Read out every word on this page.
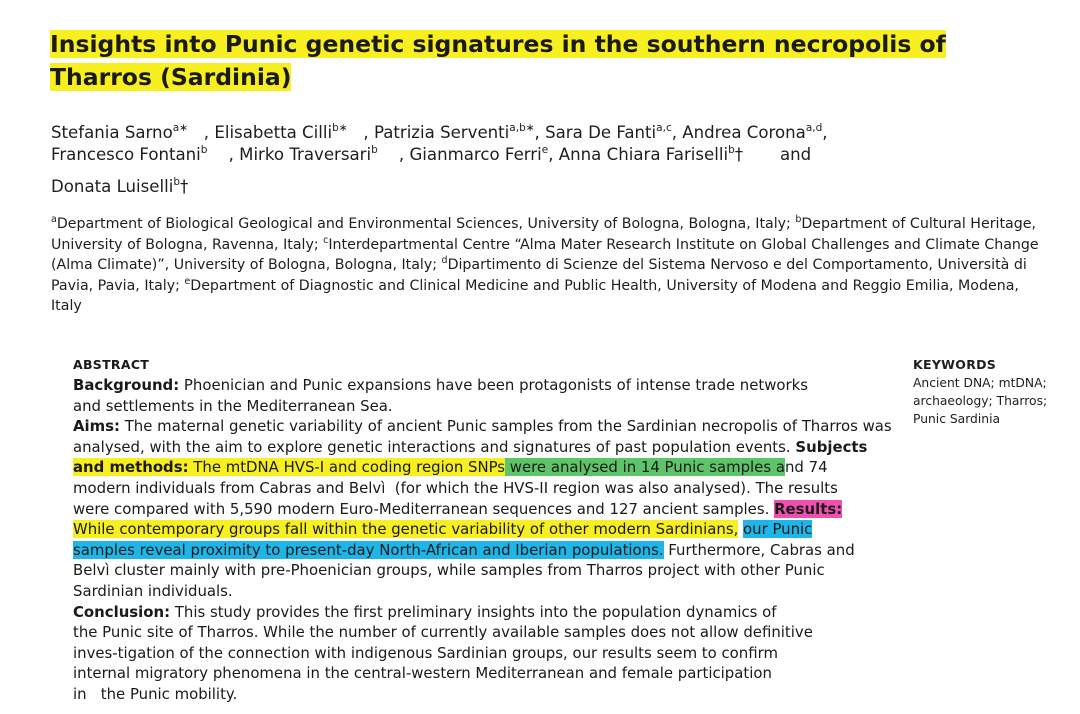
Insights into Punic genetic signatures in the southern necropolis of
Tharros (Sardinia)
Stefania Sarno$^{a∗}$   , Elisabetta Cilli$^{b∗}$   , Patrizia Serventi$^{a,b∗}$, Sara De Fanti$^{a,c}$, Andrea Corona$^{a,d}$,
Francesco Fontani$^b$    , Mirko Traversari$^b$    , Gianmarco Ferri$^e$, Anna Chiara Fariselli$^b$†       and
Donata Luiselli$^b$†
$^a$Department of Biological Geological and Environmental Sciences, University of Bologna, Bologna, Italy; $^b$Department of Cultural Heritage,
University of Bologna, Ravenna, Italy; $^c$Interdepartmental Centre “Alma Mater Research Institute on Global Challenges and Climate Change
(Alma Climate)”, University of Bologna, Bologna, Italy; $^d$Dipartimento di Scienze del Sistema Nervoso e del Comportamento, Università di
Pavia, Pavia, Italy; $^e$Department of Diagnostic and Clinical Medicine and Public Health, University of Modena and Reggio Emilia, Modena,
Italy
ABSTRACT
Background: Phoenician and Punic expansions have been protagonists of intense trade networks
and settlements in the Mediterranean Sea.
Aims: The maternal genetic variability of ancient Punic samples from the Sardinian necropolis of Tharros was
analysed, with the aim to explore genetic interactions and signatures of past population events. Subjects
and methods: The mtDNA HVS-I and coding region SNPs were analysed in 14 Punic samples and 74
modern individuals from Cabras and Belvì  (for which the HVS-II region was also analysed). The results
were compared with 5,590 modern Euro-Mediterranean sequences and 127 ancient samples. Results:
While contemporary groups fall within the genetic variability of other modern Sardinians, our Punic
samples reveal proximity to present-day North-African and Iberian populations. Furthermore, Cabras and
Belvì cluster mainly with pre-Phoenician groups, while samples from Tharros project with other Punic
Sardinian individuals.
Conclusion: This study provides the first preliminary insights into the population dynamics of
the Punic site of Tharros. While the number of currently available samples does not allow definitive
inves-tigation of the connection with indigenous Sardinian groups, our results seem to confirm
internal migratory phenomena in the central-western Mediterranean and female participation
in   the Punic mobility.
KEYWORDS
Ancient DNA; mtDNA;
archaeology; Tharros;
Punic Sardinia
